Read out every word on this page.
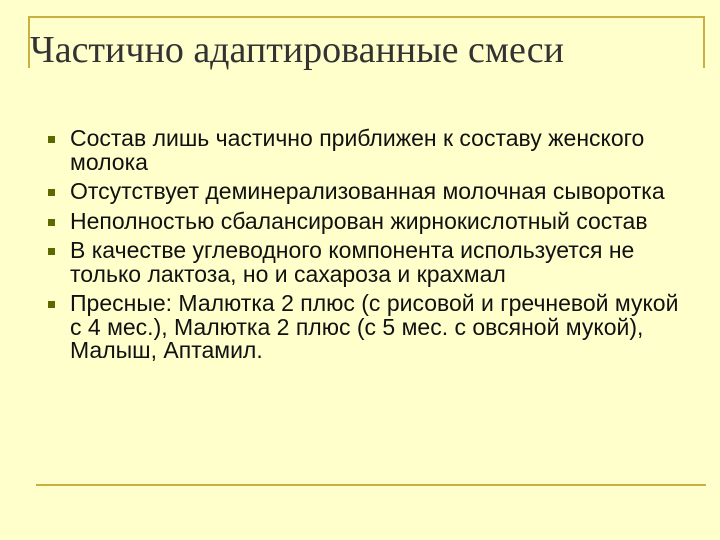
Частично адаптированные смеси
Состав лишь частично приближен к составу женского молока
Отсутствует деминерализованная молочная сыворотка
Неполностью сбалансирован жирнокислотный состав
В качестве углеводного компонента используется не только лактоза, но и сахароза и крахмал
Пресные: Малютка 2 плюс (с рисовой и гречневой мукой с 4 мес.), Малютка 2 плюс (с 5 мес. с овсяной мукой), Малыш, Аптамил.
